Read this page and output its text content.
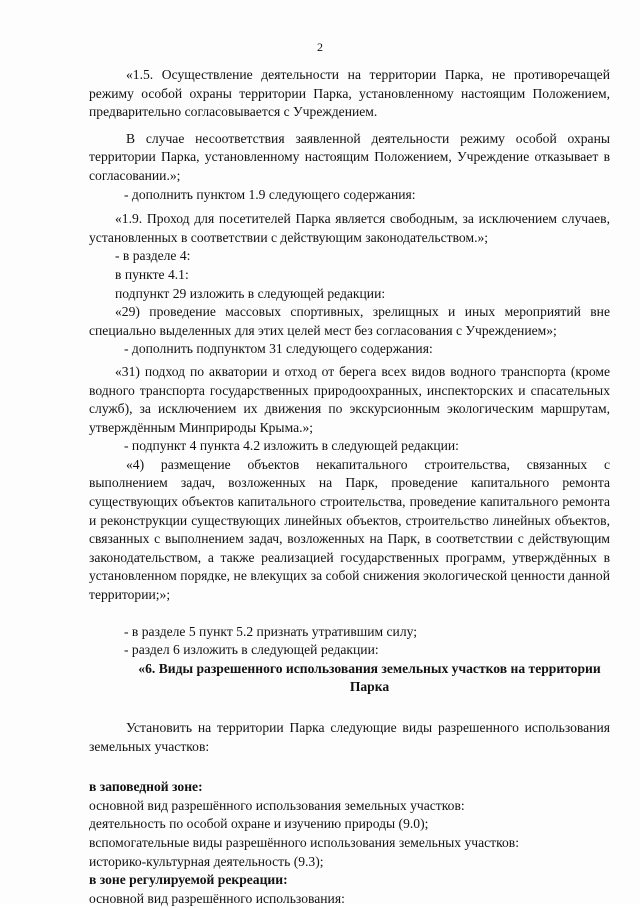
2

«1.5. Осуществление деятельности на территории Парка, не противоречащей режиму особой охраны территории Парка, установленному настоящим Положением, предварительно согласовывается с Учреждением.

В случае несоответствия заявленной деятельности режиму особой охраны территории Парка, установленному настоящим Положением, Учреждение отказывает в согласовании.»;

- дополнить пунктом 1.9 следующего содержания:

«1.9. Проход для посетителей Парка является свободным, за исключением случаев, установленных в соответствии с действующим законодательством.»;

- в разделе 4:

в пункте 4.1:

подпункт 29 изложить в следующей редакции:

«29) проведение массовых спортивных, зрелищных и иных мероприятий вне специально выделенных для этих целей мест без согласования с Учреждением»;

- дополнить подпунктом 31 следующего содержания:

«31) подход по акватории и отход от берега всех видов водного транспорта (кроме водного транспорта государственных природоохранных, инспекторских и спасательных служб), за исключением их движения по экскурсионным экологическим маршрутам, утверждённым Минприроды Крыма.»;

- подпункт 4 пункта 4.2 изложить в следующей редакции:

«4) размещение объектов некапитального строительства, связанных с выполнением задач, возложенных на Парк, проведение капитального ремонта существующих объектов капитального строительства, проведение капитального ремонта и реконструкции существующих линейных объектов, строительство линейных объектов, связанных с выполнением задач, возложенных на Парк, в соответствии с действующим законодательством, а также реализацией государственных программ, утверждённых в установленном порядке, не влекущих за собой снижения экологической ценности данной территории;»;

- в разделе 5 пункт 5.2 признать утратившим силу;

- раздел 6 изложить в следующей редакции:

«6. Виды разрешенного использования земельных участков на территории Парка

Установить на территории Парка следующие виды разрешенного использования земельных участков:

в заповедной зоне:

основной вид разрешённого использования земельных участков:

деятельность по особой охране и изучению природы (9.0);

вспомогательные виды разрешённого использования земельных участков:

историко-культурная деятельность (9.3);

в зоне регулируемой рекреации:

основной вид разрешённого использования:
